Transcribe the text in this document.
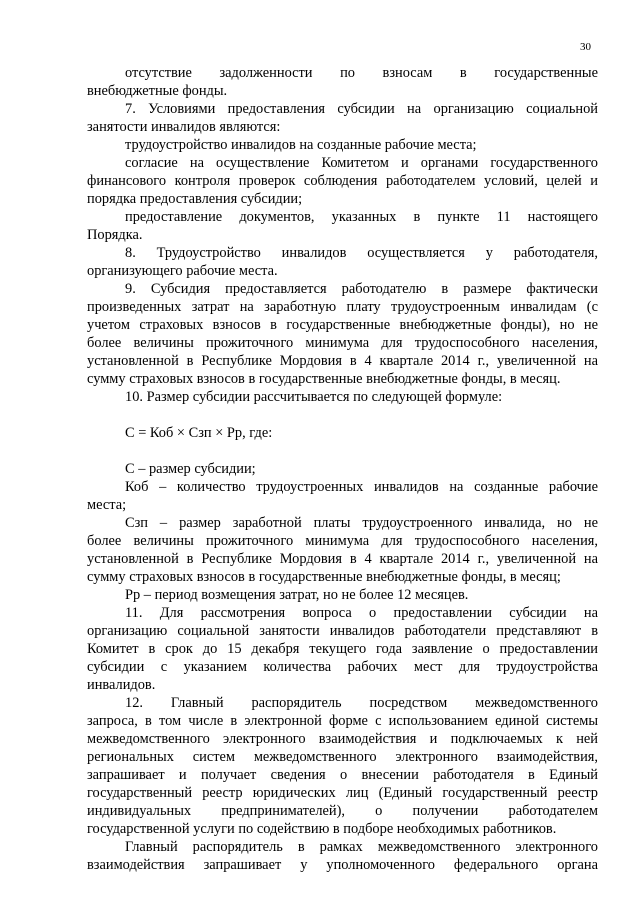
30
отсутствие задолженности по взносам в государственные
внебюджетные фонды.
7. Условиями предоставления субсидии на организацию социальной
занятости инвалидов являются:
трудоустройство инвалидов на созданные рабочие места;
согласие на осуществление Комитетом и органами государственного
финансового контроля проверок соблюдения работодателем условий, целей и
порядка предоставления субсидии;
предоставление документов, указанных в пункте 11 настоящего
Порядка.
8. Трудоустройство инвалидов осуществляется у работодателя,
организующего рабочие места.
9. Субсидия предоставляется работодателю в размере фактически
произведенных затрат на заработную плату трудоустроенным инвалидам (с
учетом страховых взносов в государственные внебюджетные фонды), но не
более величины прожиточного минимума для трудоспособного населения,
установленной в Республике Мордовия в 4 квартале 2014 г., увеличенной на
сумму страховых взносов в государственные внебюджетные фонды, в месяц.
10. Размер субсидии рассчитывается по следующей формуле:
С = Коб × Сзп × Рр, где:
С – размер субсидии;
Коб – количество трудоустроенных инвалидов на созданные рабочие
места;
Сзп – размер заработной платы трудоустроенного инвалида, но не
более величины прожиточного минимума для трудоспособного населения,
установленной в Республике Мордовия в 4 квартале 2014 г., увеличенной на
сумму страховых взносов в государственные внебюджетные фонды, в месяц;
Рр – период возмещения затрат, но не более 12 месяцев.
11. Для рассмотрения вопроса о предоставлении субсидии на
организацию социальной занятости инвалидов работодатели представляют в
Комитет в срок до 15 декабря текущего года заявление о предоставлении
субсидии с указанием количества рабочих мест для трудоустройства
инвалидов.
12. Главный распорядитель посредством межведомственного
запроса, в том числе в электронной форме с использованием единой системы
межведомственного электронного взаимодействия и подключаемых к ней
региональных систем межведомственного электронного взаимодействия,
запрашивает и получает сведения о внесении работодателя в Единый
государственный реестр юридических лиц (Единый государственный реестр
индивидуальных предпринимателей), о получении работодателем
государственной услуги по содействию в подборе необходимых работников.
Главный распорядитель в рамках межведомственного электронного
взаимодействия запрашивает у уполномоченного федерального органа
